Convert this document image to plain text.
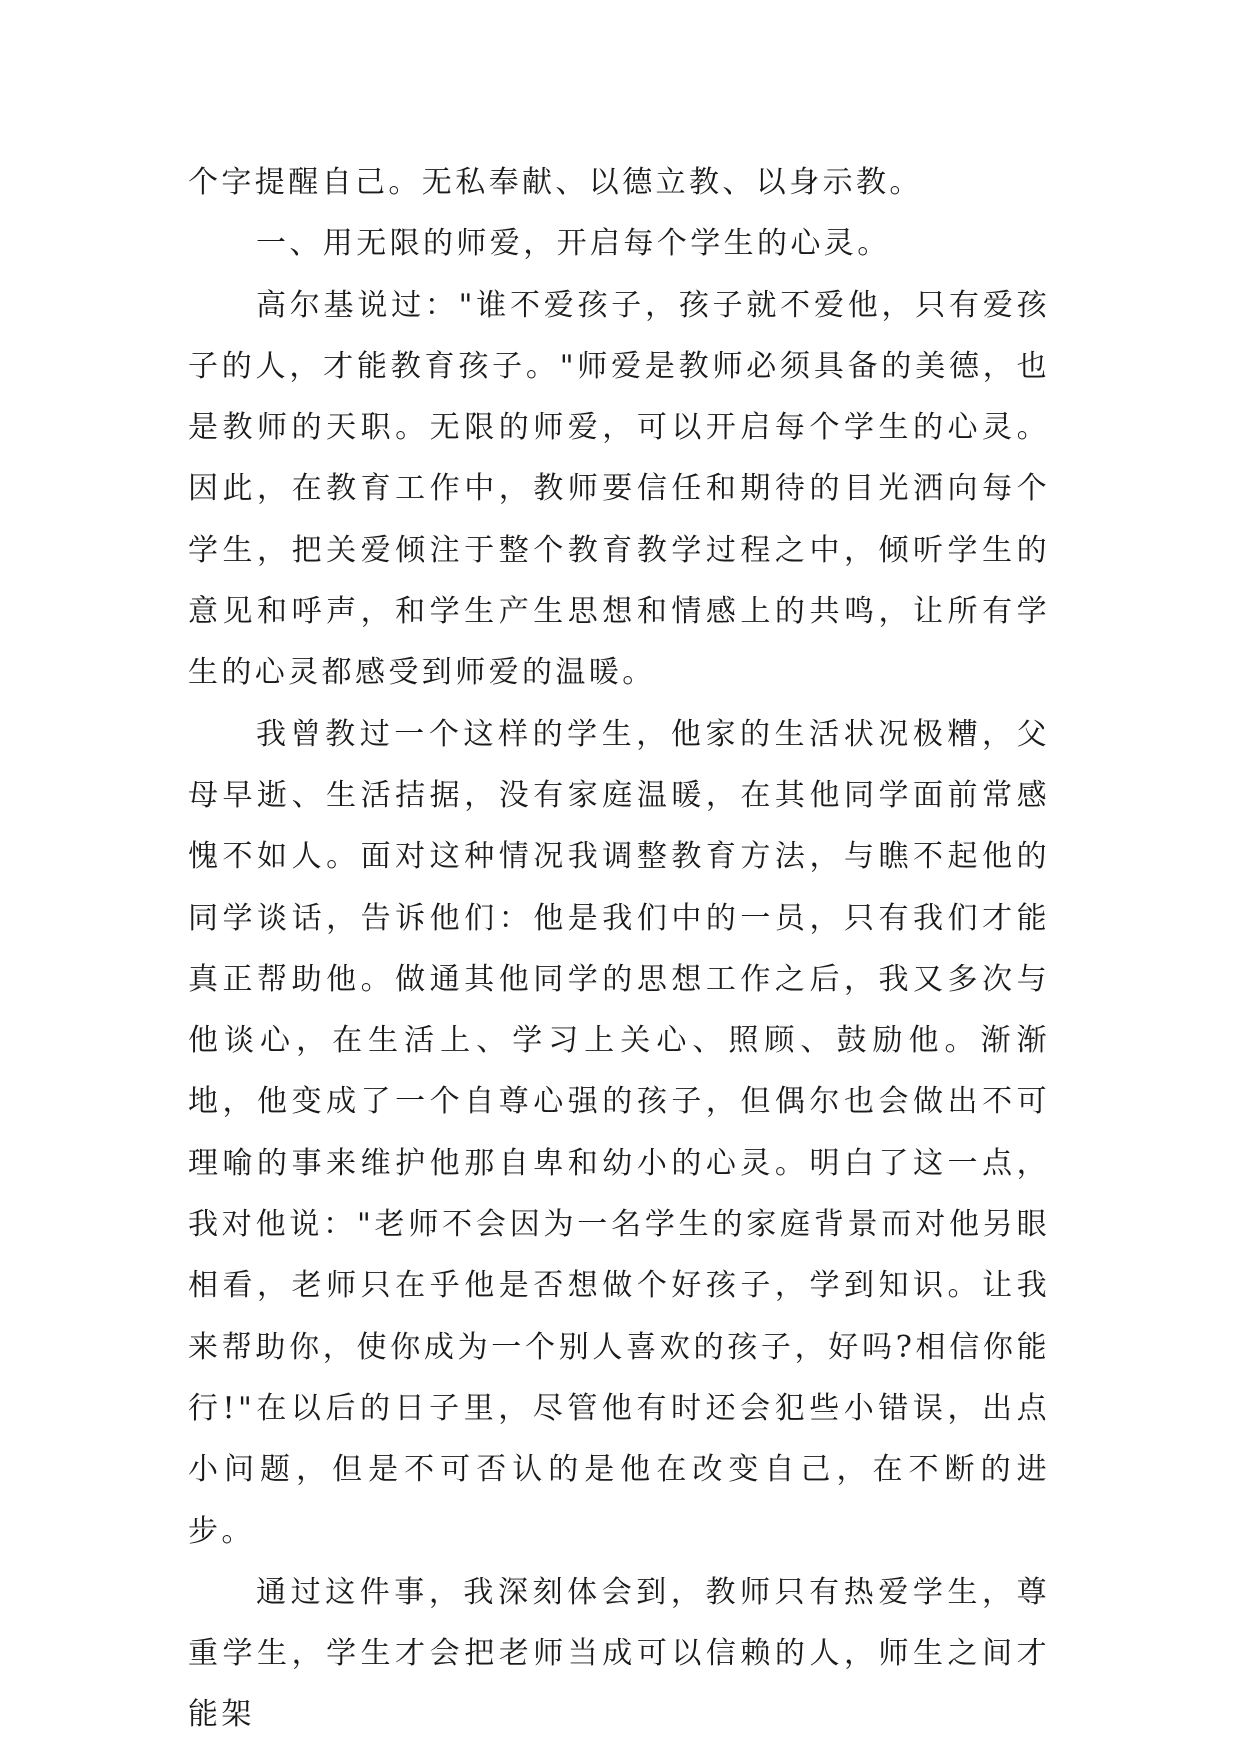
个字提醒自己。无私奉献、以德立教、以身示教。

一、用无限的师爱，开启每个学生的心灵。

高尔基说过："谁不爱孩子，孩子就不爱他，只有爱孩子的人，才能教育孩子。"师爱是教师必须具备的美德，也是教师的天职。无限的师爱，可以开启每个学生的心灵。因此，在教育工作中，教师要信任和期待的目光洒向每个学生，把关爱倾注于整个教育教学过程之中，倾听学生的意见和呼声，和学生产生思想和情感上的共鸣，让所有学生的心灵都感受到师爱的温暖。

我曾教过一个这样的学生，他家的生活状况极糟，父母早逝、生活拮据，没有家庭温暖，在其他同学面前常感愧不如人。面对这种情况我调整教育方法，与瞧不起他的同学谈话，告诉他们：他是我们中的一员，只有我们才能真正帮助他。做通其他同学的思想工作之后，我又多次与他谈心，在生活上、学习上关心、照顾、鼓励他。渐渐地，他变成了一个自尊心强的孩子，但偶尔也会做出不可理喻的事来维护他那自卑和幼小的心灵。明白了这一点，我对他说："老师不会因为一名学生的家庭背景而对他另眼相看，老师只在乎他是否想做个好孩子，学到知识。让我来帮助你，使你成为一个别人喜欢的孩子，好吗?相信你能行!"在以后的日子里，尽管他有时还会犯些小错误，出点小问题，但是不可否认的是他在改变自己，在不断的进步。

通过这件事，我深刻体会到，教师只有热爱学生，尊重学生，学生才会把老师当成可以信赖的人，师生之间才能架
